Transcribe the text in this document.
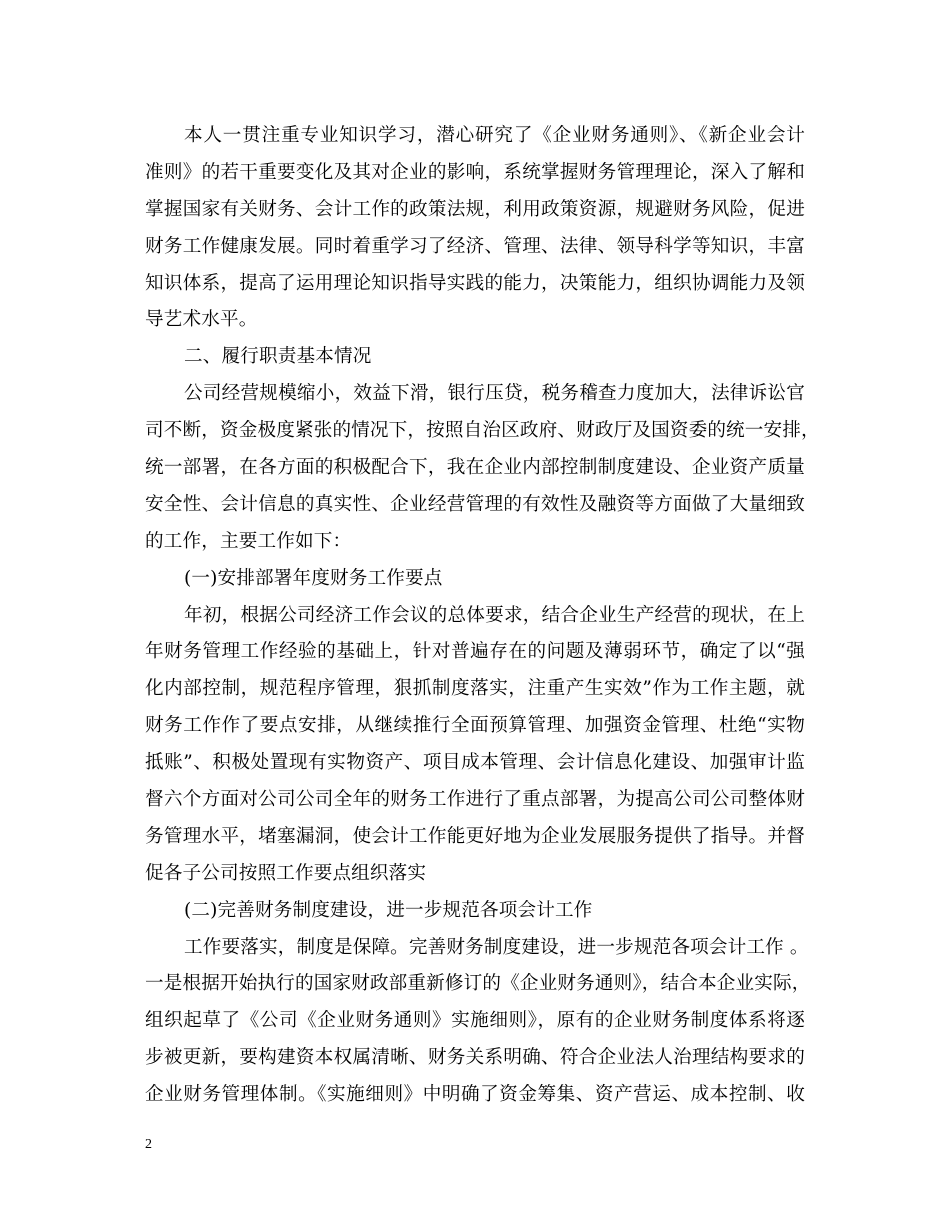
本人一贯注重专业知识学习，潜心研究了《企业财务通则》、《新企业会计
准则》的若干重要变化及其对企业的影响，系统掌握财务管理理论，深入了解和
掌握国家有关财务、会计工作的政策法规，利用政策资源，规避财务风险，促进
财务工作健康发展。同时着重学习了经济、管理、法律、领导科学等知识，丰富
知识体系，提高了运用理论知识指导实践的能力，决策能力，组织协调能力及领
导艺术水平。
二、履行职责基本情况
公司经营规模缩小，效益下滑，银行压贷，税务稽查力度加大，法律诉讼官
司不断，资金极度紧张的情况下，按照自治区政府、财政厅及国资委的统一安排，
统一部署，在各方面的积极配合下，我在企业内部控制制度建设、企业资产质量
安全性、会计信息的真实性、企业经营管理的有效性及融资等方面做了大量细致
的工作，主要工作如下：
(一)安排部署年度财务工作要点
年初，根据公司经济工作会议的总体要求，结合企业生产经营的现状，在上
年财务管理工作经验的基础上，针对普遍存在的问题及薄弱环节，确定了以“强
化内部控制，规范程序管理，狠抓制度落实，注重产生实效”作为工作主题，就
财务工作作了要点安排，从继续推行全面预算管理、加强资金管理、杜绝“实物
抵账”、积极处置现有实物资产、项目成本管理、会计信息化建设、加强审计监
督六个方面对公司公司全年的财务工作进行了重点部署，为提高公司公司整体财
务管理水平，堵塞漏洞，使会计工作能更好地为企业发展服务提供了指导。并督
促各子公司按照工作要点组织落实
(二)完善财务制度建设，进一步规范各项会计工作
工作要落实，制度是保障。完善财务制度建设，进一步规范各项会计工作 。
一是根据开始执行的国家财政部重新修订的《企业财务通则》，结合本企业实际，
组织起草了《公司《企业财务通则》实施细则》，原有的企业财务制度体系将逐
步被更新，要构建资本权属清晰、财务关系明确、符合企业法人治理结构要求的
企业财务管理体制。《实施细则》中明确了资金筹集、资产营运、成本控制、收
2
